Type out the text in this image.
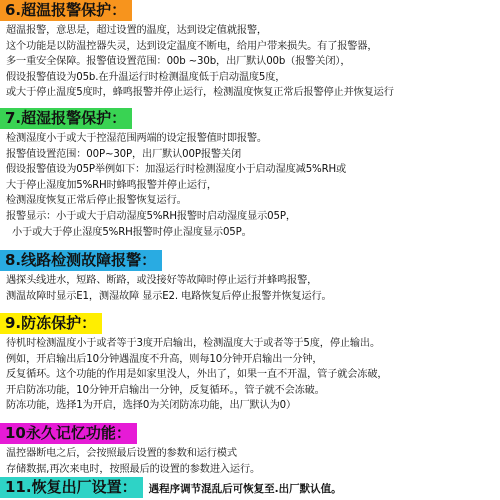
6.超温报警保护：
超温报警，意思是，超过设置的温度，达到设定值就报警，
这个功能是以防温控器失灵，达到设定温度不断电，给用户带来损失。有了报警器，
多一重安全保障。报警值设置范围：00b ~30b，出厂默认00b（报警关闭），
假设报警值设为05b.在升温运行时检测温度低于启动温度5度，
或大于停止温度5度时，蜂鸣报警并停止运行，检测温度恢复正常后报警停止并恢复运行
7.超湿报警保护：
检测湿度小于或大于控湿范围两端的设定报警值时即报警。
报警值设置范围：00P~30P，出厂默认00P报警关闭
假设报警值设为05P举例如下：加湿运行时检测湿度小于启动湿度减5%RH或
大于停止湿度加5%RH时蜂鸣报警并停止运行，
检测湿度恢复正常后停止报警恢复运行。
报警显示：小于或大于启动湿度5%RH报警时启动湿度显示05P，
小于或大于停止湿度5%RH报警时停止湿度显示05P。
8.线路检测故障报警：
遇探头线进水，短路、断路，或没接好等故障时停止运行并蜂鸣报警，
测温故障时显示E1，测湿故障 显示E2. 电路恢复后停止报警并恢复运行。
9.防冻保护：
待机时检测温度小于或者等于3度开启输出，检测温度大于或者等于5度，停止输出。
例如，开启输出后10分钟遇温度不升高，则每10分钟开启输出一分钟，
反复循环。这个功能的作用是如家里没人，外出了，如果一直不开温，管子就会冻破，
开启防冻功能，10分钟开启输出一分钟，反复循环。，管子就不会冻破。
防冻功能，选择1为开启，选择0为关闭防冻功能，出厂默认为0）
10永久记忆功能：
温控器断电之后，会按照最后设置的参数和运行模式
存储数据,再次来电时，按照最后的设置的参数进入运行。
11.恢复出厂设置： 遇程序调节混乱后可恢复至.出厂默认值。
